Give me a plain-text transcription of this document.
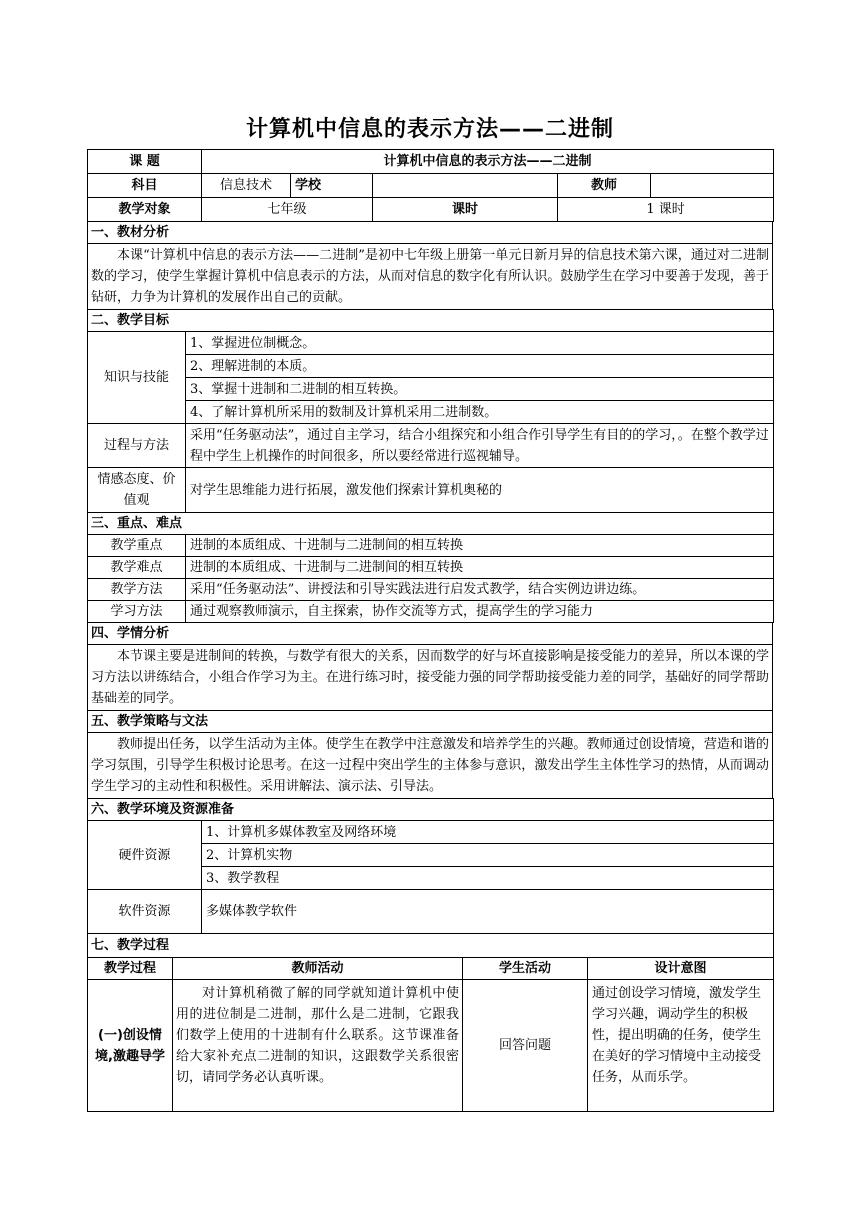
计算机中信息的表示方法——二进制
课 题	计算机中信息的表示方法——二进制				
科目	信息技术	学校		教师	
教学对象	七年级		课时	1 课时	
一、教材分析
本课“计算机中信息的表示方法——二进制”是初中七年级上册第一单元日新月异的信息技术第六课，通过对二进制数的学习，使学生掌握计算机中信息表示的方法，从而对信息的数字化有所认识。鼓励学生在学习中要善于发现，善于钻研，力争为计算机的发展作出自己的贡献。
二、教学目标	
知识与技能	1、掌握进位制概念。
	2、理解进制的本质。
	3、掌握十进制和二进制的相互转换。
	4、了解计算机所采用的数制及计算机采用二进制数。
过程与方法	采用“任务驱动法”，通过自主学习，结合小组探究和小组合作引导学生有目的的学习，。在整个教学过程中学生上机操作的时间很多，所以要经常进行巡视辅导。
情感态度、价值观	对学生思维能力进行拓展，激发他们探索计算机奥秘的
三、重点、难点	
教学重点	进制的本质组成、十进制与二进制间的相互转换
教学难点	进制的本质组成、十进制与二进制间的相互转换
教学方法	采用“任务驱动法”、讲授法和引导实践法进行启发式教学，结合实例边讲边练。
学习方法	通过观察教师演示，自主探索，协作交流等方式，提高学生的学习能力
四、学情分析
本节课主要是进制间的转换，与数学有很大的关系，因而数学的好与坏直接影响是接受能力的差异，所以本课的学习方法以讲练结合，小组合作学习为主。在进行练习时，接受能力强的同学帮助接受能力差的同学，基础好的同学帮助基础差的同学。
五、教学策略与文法
教师提出任务，以学生活动为主体。使学生在教学中注意激发和培养学生的兴趣。教师通过创设情境，营造和谐的学习氛围，引导学生积极讨论思考。在这一过程中突出学生的主体参与意识，激发出学生主体性学习的热情，从而调动学生学习的主动性和积极性。采用讲解法、演示法、引导法。
六、教学环境及资源准备	
硬件资源	1、计算机多媒体教室及网络环境
	2、计算机实物
	3、教学教程
软件资源	多媒体教学软件
七、教学过程			
教学过程	教师活动	学生活动	设计意图
(一)创设情境,激趣导学	对计算机稍微了解的同学就知道计算机中使用的进位制是二进制，那什么是二进制，它跟我们数学上使用的十进制有什么联系。这节课准备给大家补充点二进制的知识，这跟数学关系很密切，请同学务必认真听课。	回答问题	通过创设学习情境，激发学生学习兴趣，调动学生的积极性，提出明确的任务，使学生在美好的学习情境中主动接受任务，从而乐学。
